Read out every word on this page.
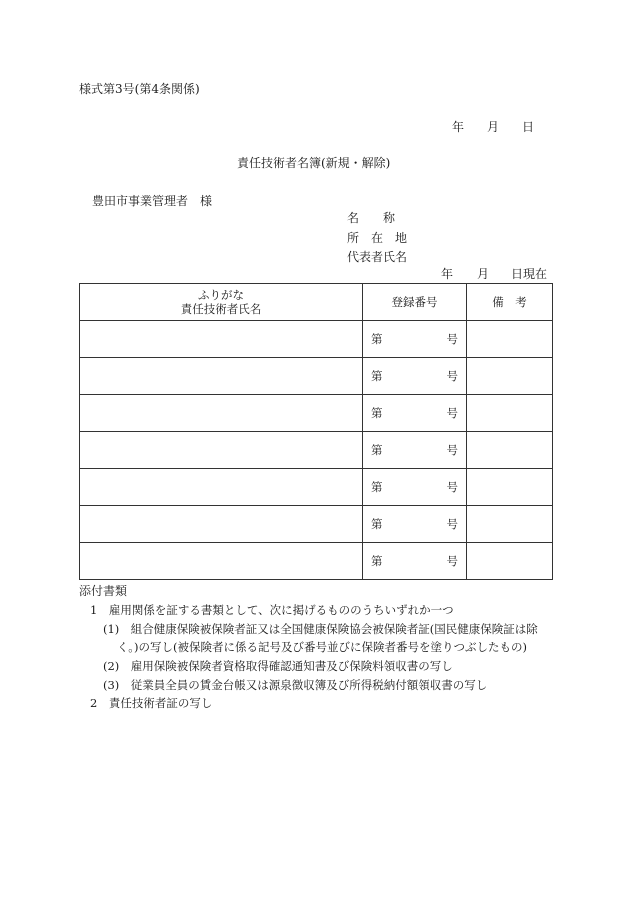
様式第3号(第4条関係)
年 月 日
責任技術者名簿(新規・解除)
豊田市事業管理者　様
名　　称
所　在　地
代表者氏名
年 月 日現在
ふりがな
責任技術者氏名	登録番号	備　考

	第 号	

	第 号	

	第 号	

	第 号	

	第 号	

	第 号	

	第 号	

添付書類
1　雇用関係を証する書類として、次に掲げるもののうちいずれか一つ
(1)　組合健康保険被保険者証又は全国健康保険協会被保険者証(国民健康保険証は除
く。)の写し(被保険者に係る記号及び番号並びに保険者番号を塗りつぶしたもの)
(2)　雇用保険被保険者資格取得確認通知書及び保険料領収書の写し
(3)　従業員全員の賃金台帳又は源泉徴収簿及び所得税納付額領収書の写し
2　責任技術者証の写し
